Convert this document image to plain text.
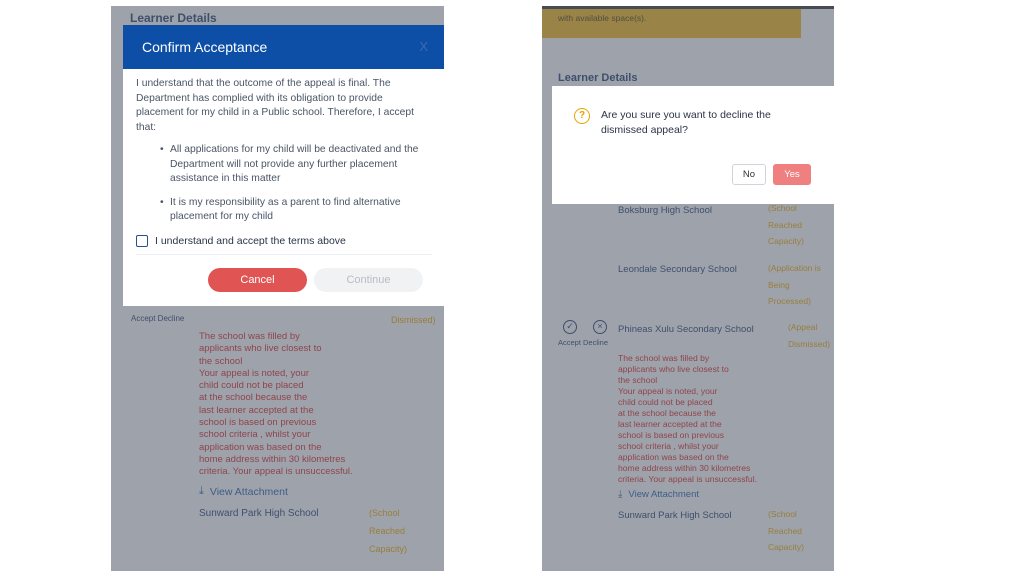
Confirm Acceptance	X

I understand that the outcome of the appeal is final. The Department has complied with its obligation to provide placement for my child in a Public school. Therefore, I accept that:

• All applications for my child will be deactivated and the Department will not provide any further placement assistance in this matter
• It is my responsibility as a parent to find alternative placement for my child
I understand and accept the terms above
Cancel	Continue
?	Are you sure you want to decline the dismissed appeal?
No	Yes
